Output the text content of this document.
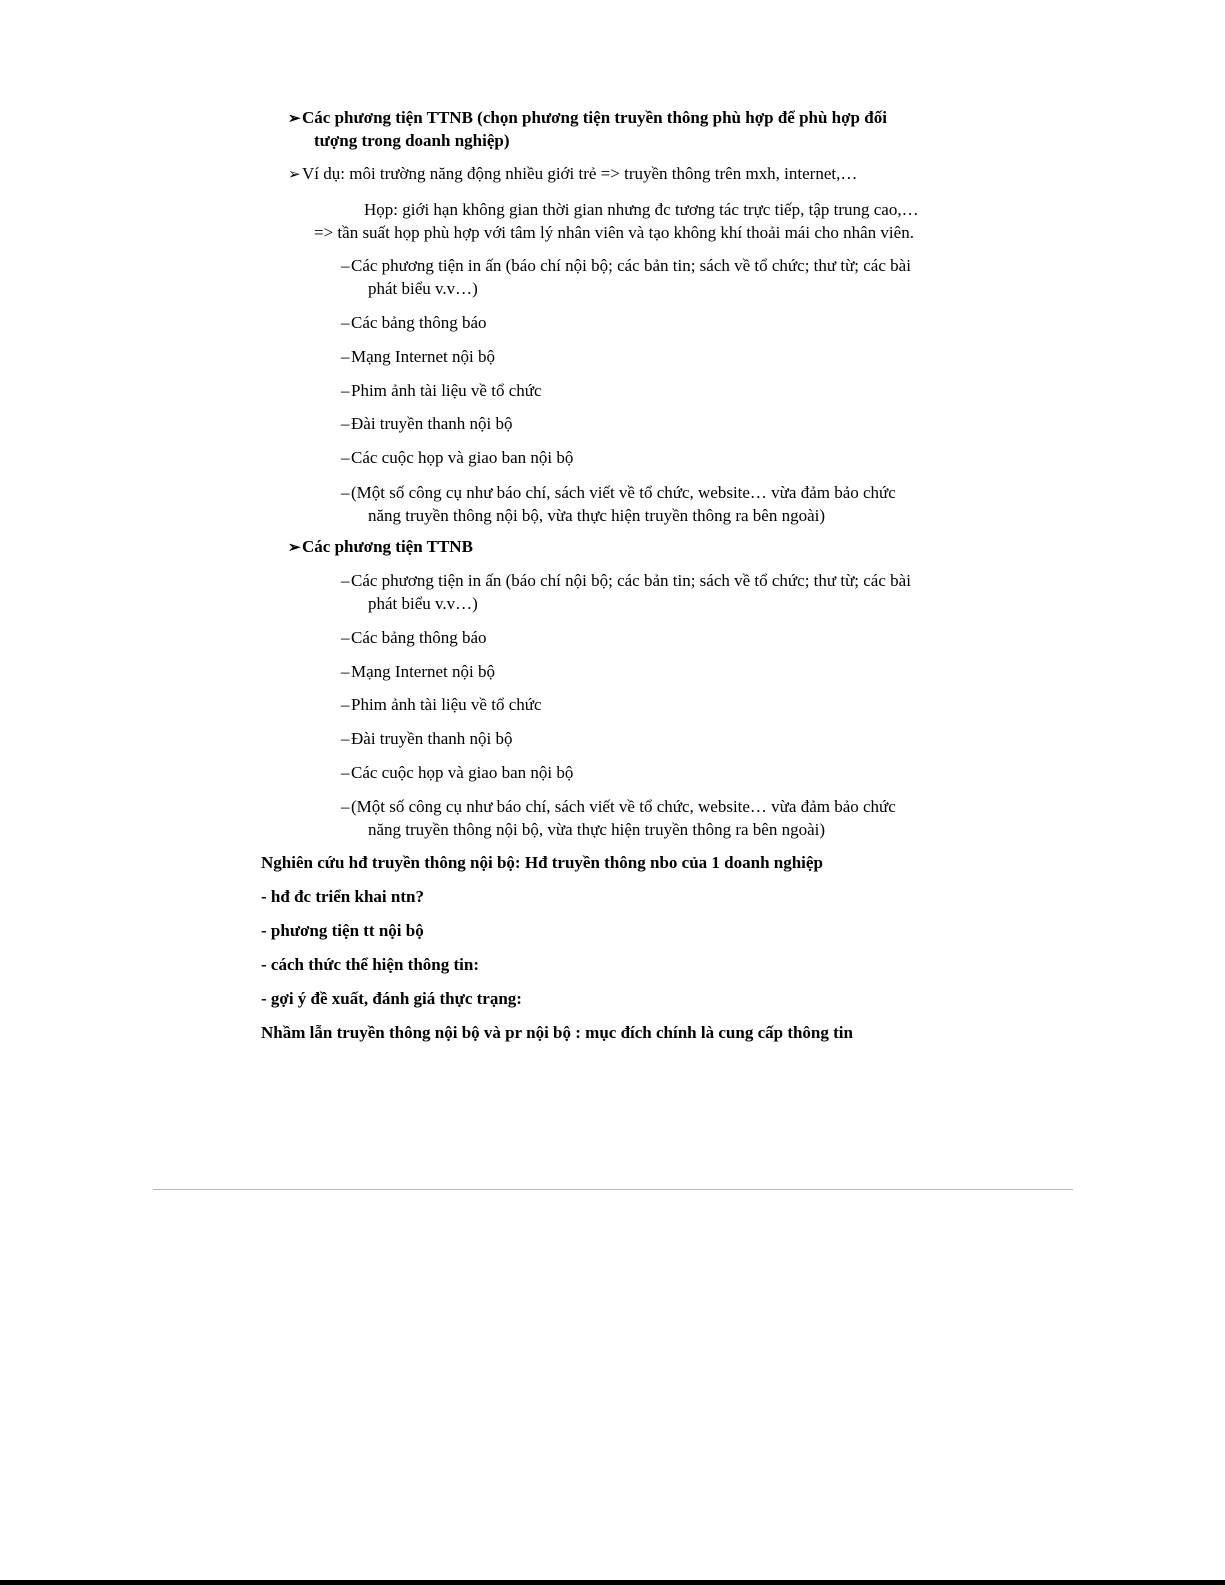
➢Các phương tiện TTNB (chọn phương tiện truyền thông phù hợp để phù hợp đối
tượng trong doanh nghiệp)
➢Ví dụ: môi trường năng động nhiều giới trẻ => truyền thông trên mxh, internet,…
Họp: giới hạn không gian thời gian nhưng đc tương tác trực tiếp, tập trung cao,…
=> tần suất họp phù hợp với tâm lý nhân viên và tạo không khí thoải mái cho nhân viên.
–Các phương tiện in ấn (báo chí nội bộ; các bản tin; sách về tổ chức; thư từ; các bài
phát biểu v.v…)
–Các bảng thông báo
–Mạng Internet nội bộ
–Phim ảnh tài liệu về tổ chức
–Đài truyền thanh nội bộ
–Các cuộc họp và giao ban nội bộ
–(Một số công cụ như báo chí, sách viết về tổ chức, website… vừa đảm bảo chức
năng truyền thông nội bộ, vừa thực hiện truyền thông ra bên ngoài)
➢Các phương tiện TTNB
–Các phương tiện in ấn (báo chí nội bộ; các bản tin; sách về tổ chức; thư từ; các bài
phát biểu v.v…)
–Các bảng thông báo
–Mạng Internet nội bộ
–Phim ảnh tài liệu về tổ chức
–Đài truyền thanh nội bộ
–Các cuộc họp và giao ban nội bộ
–(Một số công cụ như báo chí, sách viết về tổ chức, website… vừa đảm bảo chức
năng truyền thông nội bộ, vừa thực hiện truyền thông ra bên ngoài)
Nghiên cứu hđ truyền thông nội bộ: Hđ truyền thông nbo của 1 doanh nghiệp
- hđ đc triển khai ntn?
- phương tiện tt nội bộ
- cách thức thể hiện thông tin:
- gợi ý đề xuất, đánh giá thực trạng:
Nhầm lẫn truyền thông nội bộ và pr nội bộ : mục đích chính là cung cấp thông tin
